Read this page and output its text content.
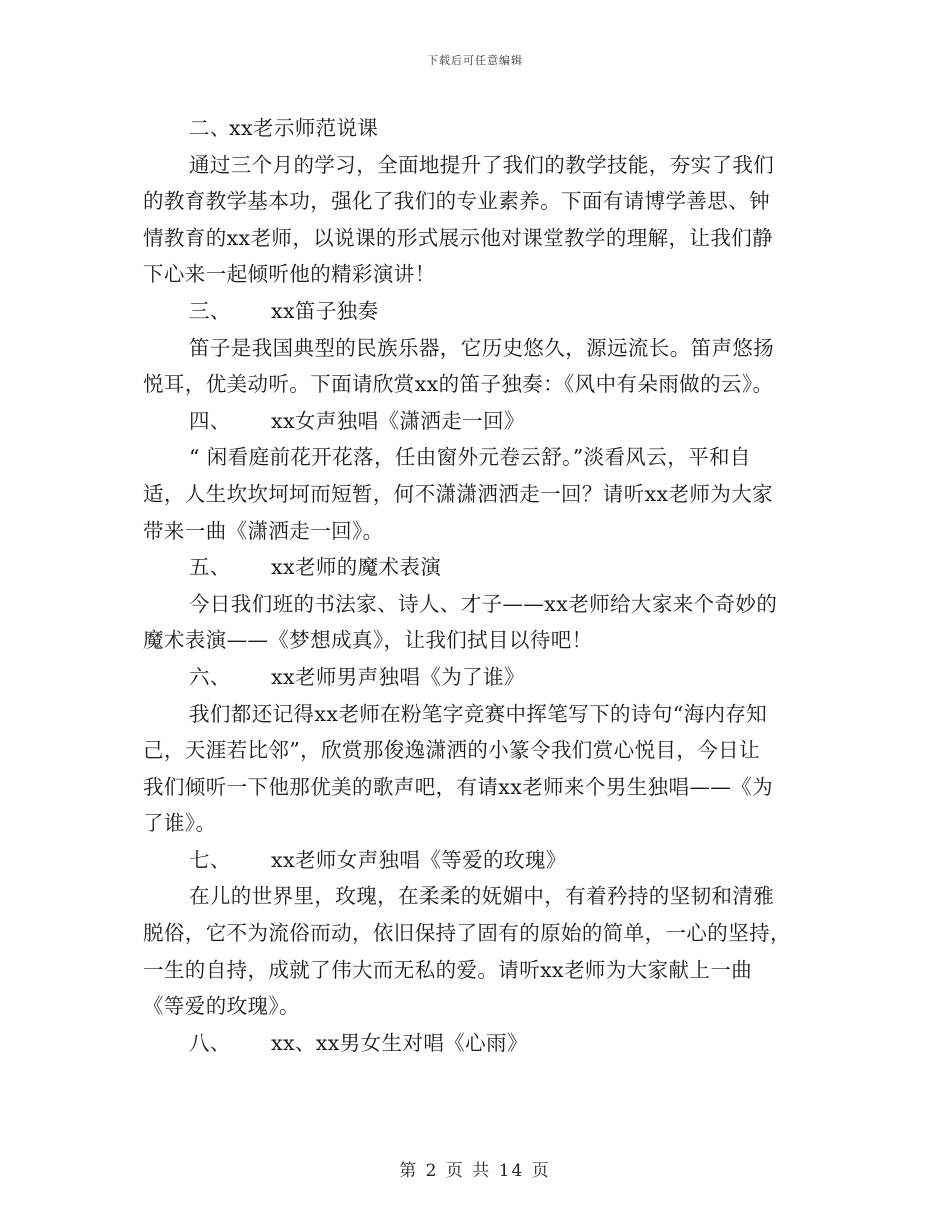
下载后可任意编辑
二、xx老示师范说课
通过三个月的学习，全面地提升了我们的教学技能，夯实了我们
的教育教学基本功，强化了我们的专业素养。下面有请博学善思、钟
情教育的xx老师，以说课的形式展示他对课堂教学的理解，让我们静
下心来一起倾听他的精彩演讲！
三、 xx笛子独奏
笛子是我国典型的民族乐器，它历史悠久，源远流长。笛声悠扬
悦耳，优美动听。下面请欣赏xx的笛子独奏：《风中有朵雨做的云》。
四、 xx女声独唱《潇洒走一回》
“ 闲看庭前花开花落，任由窗外元卷云舒。”淡看风云，平和自
适，人生坎坎坷坷而短暂，何不潇潇洒洒走一回？请听xx老师为大家
带来一曲《潇洒走一回》。
五、 xx老师的魔术表演
今日我们班的书法家、诗人、才子——xx老师给大家来个奇妙的
魔术表演——《梦想成真》，让我们拭目以待吧！
六、 xx老师男声独唱《为了谁》
我们都还记得xx老师在粉笔字竞赛中挥笔写下的诗句“海内存知
己，天涯若比邻”，欣赏那俊逸潇洒的小篆令我们赏心悦目，今日让
我们倾听一下他那优美的歌声吧，有请xx老师来个男生独唱——《为
了谁》。
七、 xx老师女声独唱《等爱的玫瑰》
在儿的世界里，玫瑰，在柔柔的妩媚中，有着矜持的坚韧和清雅
脱俗，它不为流俗而动，依旧保持了固有的原始的简单，一心的坚持，
一生的自持，成就了伟大而无私的爱。请听xx老师为大家献上一曲
《等爱的玫瑰》。
八、 xx、xx男女生对唱《心雨》
第 2 页 共 14 页
